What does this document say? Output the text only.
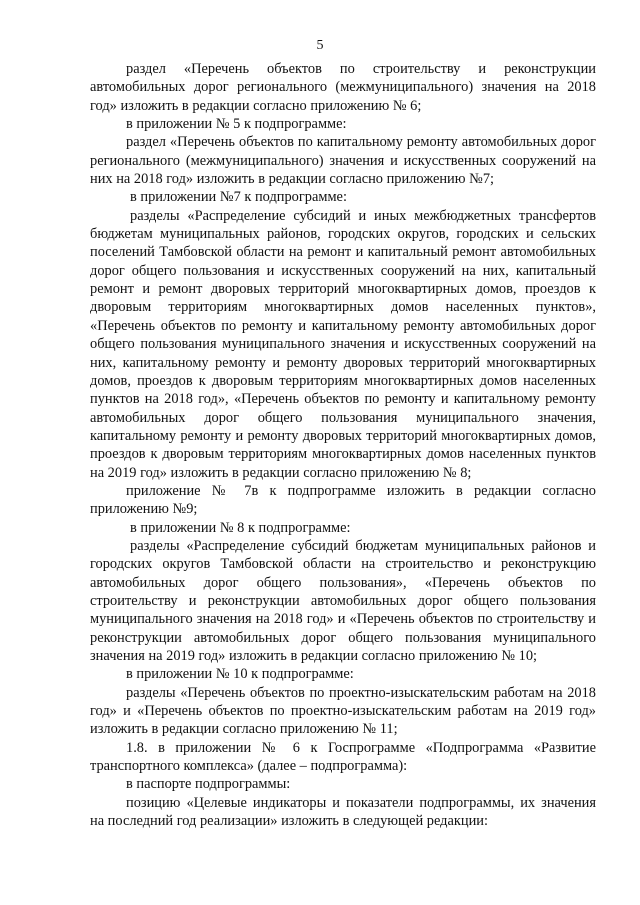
5

раздел «Перечень объектов по строительству и реконструкции автомобильных дорог регионального (межмуниципального) значения на 2018 год» изложить в редакции согласно приложению № 6;

в приложении № 5 к подпрограмме:

раздел «Перечень объектов по капитальному ремонту автомобильных дорог регионального (межмуниципального) значения и искусственных сооружений на них на 2018 год» изложить в редакции согласно приложению №7;

в приложении №7 к подпрограмме:

разделы «Распределение субсидий и иных межбюджетных трансфертов бюджетам муниципальных районов, городских округов, городских и сельских поселений Тамбовской области на ремонт и капитальный ремонт автомобильных дорог общего пользования и искусственных сооружений на них, капитальный ремонт и ремонт дворовых территорий многоквартирных домов, проездов к дворовым территориям многоквартирных домов населенных пунктов», «Перечень объектов по ремонту и капитальному ремонту автомобильных дорог общего пользования муниципального значения и искусственных сооружений на них, капитальному ремонту и ремонту дворовых территорий многоквартирных домов, проездов к дворовым территориям многоквартирных домов населенных пунктов на 2018 год», «Перечень объектов по ремонту и капитальному ремонту автомобильных дорог общего пользования муниципального значения, капитальному ремонту и ремонту дворовых территорий многоквартирных домов, проездов к дворовым территориям многоквартирных домов населенных пунктов на 2019 год» изложить в редакции согласно приложению № 8;

приложение № 7в к подпрограмме изложить в редакции согласно приложению №9;

в приложении № 8 к подпрограмме:

разделы «Распределение субсидий бюджетам муниципальных районов и городских округов Тамбовской области на строительство и реконструкцию автомобильных дорог общего пользования», «Перечень объектов по строительству и реконструкции автомобильных дорог общего пользования муниципального значения на 2018 год» и «Перечень объектов по строительству и реконструкции автомобильных дорог общего пользования муниципального значения на 2019 год» изложить в редакции согласно приложению № 10;

в приложении № 10 к подпрограмме:

разделы «Перечень объектов по проектно-изыскательским работам на 2018 год» и «Перечень объектов по проектно-изыскательским работам на 2019 год» изложить в редакции согласно приложению № 11;

1.8. в приложении № 6 к Госпрограмме «Подпрограмма «Развитие транспортного комплекса» (далее – подпрограмма):

в паспорте подпрограммы:

позицию «Целевые индикаторы и показатели подпрограммы, их значения на последний год реализации» изложить в следующей редакции:
